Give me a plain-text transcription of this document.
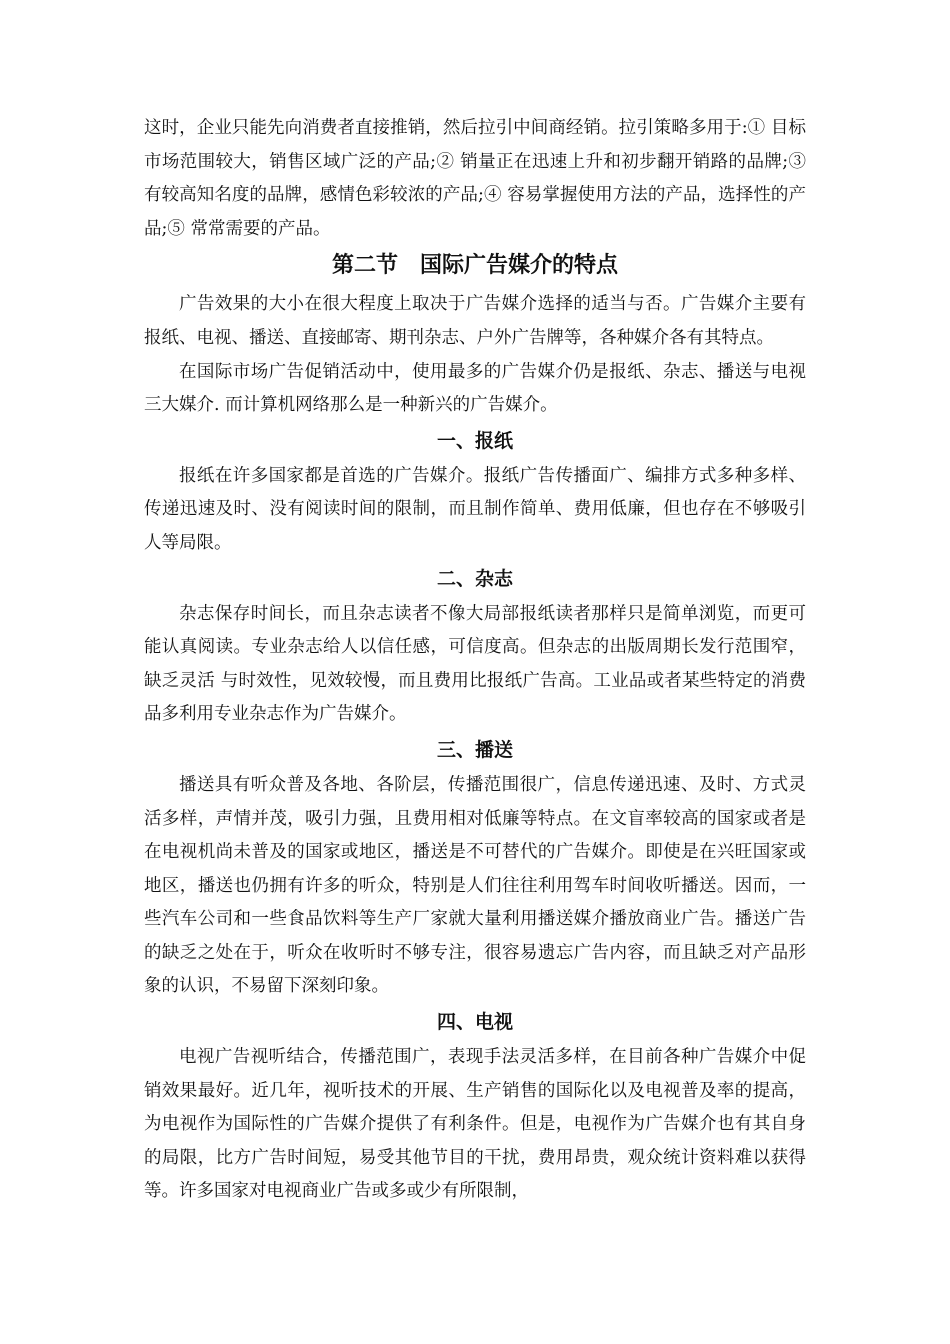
这时，企业只能先向消费者直接推销，然后拉引中间商经销。拉引策略多用于:① 目标市场范围较大，销售区域广泛的产品;② 销量正在迅速上升和初步翻开销路的品牌;③ 有较高知名度的品牌，感情色彩较浓的产品;④ 容易掌握使用方法的产品，选择性的产品;⑤ 常常需要的产品。

第二节　国际广告媒介的特点

广告效果的大小在很大程度上取决于广告媒介选择的适当与否。广告媒介主要有报纸、电视、播送、直接邮寄、期刊杂志、户外广告牌等，各种媒介各有其特点。

在国际市场广告促销活动中，使用最多的广告媒介仍是报纸、杂志、播送与电视三大媒介. 而计算机网络那么是一种新兴的广告媒介。

一、报纸

报纸在许多国家都是首选的广告媒介。报纸广告传播面广、编排方式多种多样、传递迅速及时、没有阅读时间的限制，而且制作简单、费用低廉，但也存在不够吸引人等局限。

二、杂志

杂志保存时间长，而且杂志读者不像大局部报纸读者那样只是简单浏览，而更可能认真阅读。专业杂志给人以信任感，可信度高。但杂志的出版周期长发行范围窄，缺乏灵活 与时效性，见效较慢，而且费用比报纸广告高。工业品或者某些特定的消费品多利用专业杂志作为广告媒介。

三、播送

播送具有听众普及各地、各阶层，传播范围很广，信息传递迅速、及时、方式灵活多样，声情并茂，吸引力强，且费用相对低廉等特点。在文盲率较高的国家或者是在电视机尚未普及的国家或地区，播送是不可替代的广告媒介。即使是在兴旺国家或地区，播送也仍拥有许多的听众，特别是人们往往利用驾车时间收听播送。因而，一些汽车公司和一些食品饮料等生产厂家就大量利用播送媒介播放商业广告。播送广告的缺乏之处在于，听众在收听时不够专注，很容易遗忘广告内容，而且缺乏对产品形象的认识，不易留下深刻印象。

四、电视

电视广告视听结合，传播范围广，表现手法灵活多样，在目前各种广告媒介中促销效果最好。近几年，视听技术的开展、生产销售的国际化以及电视普及率的提高，为电视作为国际性的广告媒介提供了有利条件。但是，电视作为广告媒介也有其自身的局限，比方广告时间短，易受其他节目的干扰，费用昂贵，观众统计资料难以获得等。许多国家对电视商业广告或多或少有所限制，
